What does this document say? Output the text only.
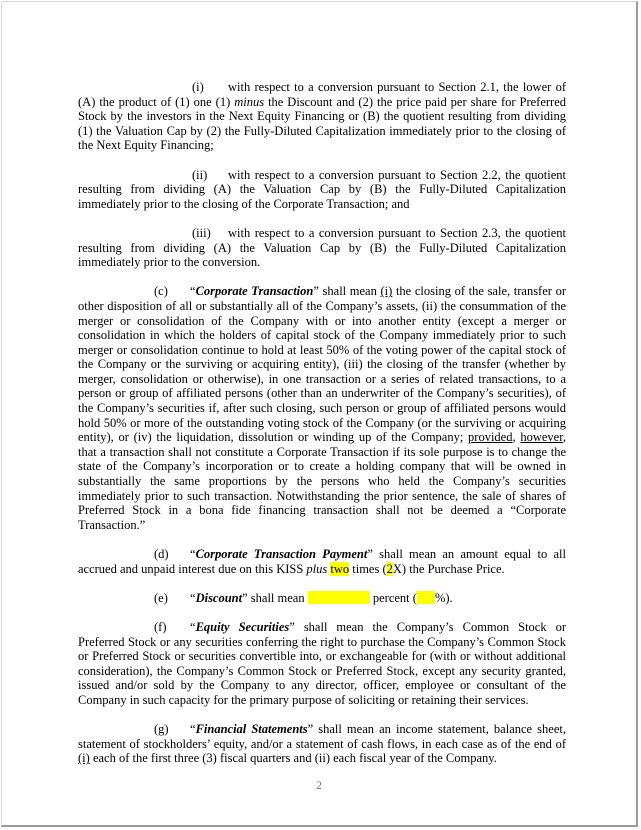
(i) with respect to a conversion pursuant to Section 2.1, the lower of (A) the product of (1) one (1) minus the Discount and (2) the price paid per share for Preferred Stock by the investors in the Next Equity Financing or (B) the quotient resulting from dividing (1) the Valuation Cap by (2) the Fully-Diluted Capitalization immediately prior to the closing of the Next Equity Financing;

(ii) with respect to a conversion pursuant to Section 2.2, the quotient resulting from dividing (A) the Valuation Cap by (B) the Fully-Diluted Capitalization immediately prior to the closing of the Corporate Transaction; and

(iii) with respect to a conversion pursuant to Section 2.3, the quotient resulting from dividing (A) the Valuation Cap by (B) the Fully-Diluted Capitalization immediately prior to the conversion.

(c) “Corporate Transaction” shall mean (i) the closing of the sale, transfer or other disposition of all or substantially all of the Company’s assets, (ii) the consummation of the merger or consolidation of the Company with or into another entity (except a merger or consolidation in which the holders of capital stock of the Company immediately prior to such merger or consolidation continue to hold at least 50% of the voting power of the capital stock of the Company or the surviving or acquiring entity), (iii) the closing of the transfer (whether by merger, consolidation or otherwise), in one transaction or a series of related transactions, to a person or group of affiliated persons (other than an underwriter of the Company’s securities), of the Company’s securities if, after such closing, such person or group of affiliated persons would hold 50% or more of the outstanding voting stock of the Company (or the surviving or acquiring entity), or (iv) the liquidation, dissolution or winding up of the Company; provided, however, that a transaction shall not constitute a Corporate Transaction if its sole purpose is to change the state of the Company’s incorporation or to create a holding company that will be owned in substantially the same proportions by the persons who held the Company’s securities immediately prior to such transaction. Notwithstanding the prior sentence, the sale of shares of Preferred Stock in a bona fide financing transaction shall not be deemed a “Corporate Transaction.”

(d) “Corporate Transaction Payment” shall mean an amount equal to all accrued and unpaid interest due on this KISS plus two times (2X) the Purchase Price.

(e) “Discount” shall mean	percent ( %).

(f) “Equity Securities” shall mean the Company’s Common Stock or Preferred Stock or any securities conferring the right to purchase the Company’s Common Stock or Preferred Stock or securities convertible into, or exchangeable for (with or without additional consideration), the Company’s Common Stock or Preferred Stock, except any security granted, issued and/or sold by the Company to any director, officer, employee or consultant of the Company in such capacity for the primary purpose of soliciting or retaining their services.

(g) “Financial Statements” shall mean an income statement, balance sheet, statement of stockholders’ equity, and/or a statement of cash flows, in each case as of the end of (i) each of the first three (3) fiscal quarters and (ii) each fiscal year of the Company.

2
